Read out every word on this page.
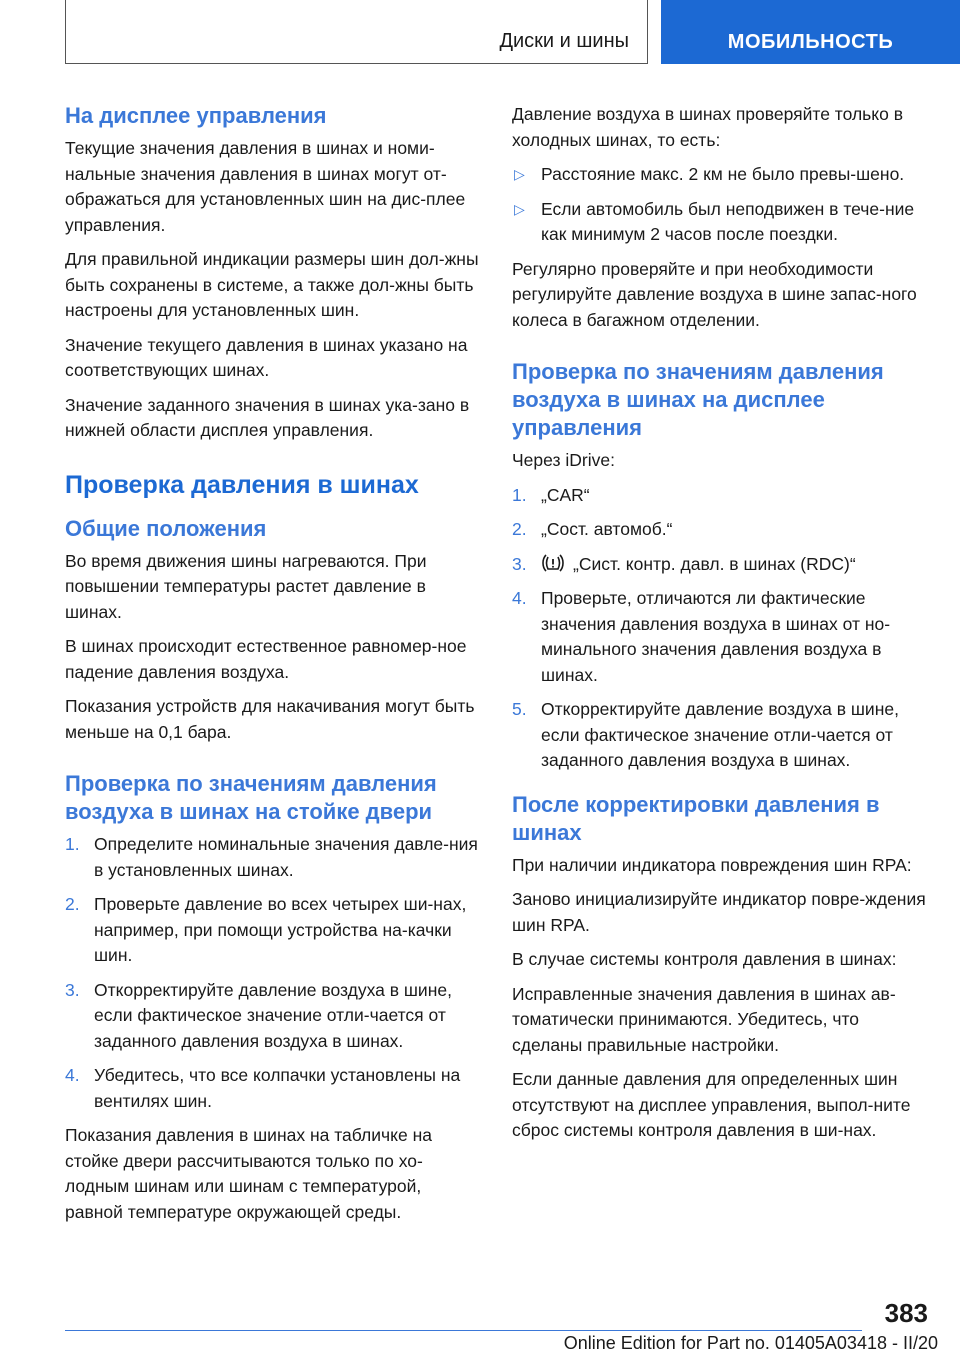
Диски и шины	МОБИЛЬНОСТЬ
На дисплее управления

Текущие значения давления в шинах и номи-нальные значения давления в шинах могут от-ображаться для установленных шин на дис-плее управления.

Для правильной индикации размеры шин дол-жны быть сохранены в системе, а также дол-жны быть настроены для установленных шин.

Значение текущего давления в шинах указано на соответствующих шинах.

Значение заданного значения в шинах ука-зано в нижней области дисплея управления.

Проверка давления в шинах
Общие положения

Во время движения шины нагреваются. При повышении температуры растет давление в шинах.

В шинах происходит естественное равномер-ное падение давления воздуха.

Показания устройств для накачивания могут быть меньше на 0,1 бара.

Проверка по значениям давления воздуха в шинах на стойке двери
1. Определите номинальные значения давле-ния в установленных шинах.
2. Проверьте давление во всех четырех ши-нах, например, при помощи устройства на-качки шин.
3. Откорректируйте давление воздуха в шине, если фактическое значение отли-чается от заданного давления воздуха в шинах.
4. Убедитесь, что все колпачки установлены на вентилях шин.

Показания давления в шинах на табличке на стойке двери рассчитываются только по хо-лодным шинам или шинам с температурой, равной температуре окружающей среды.

Давление воздуха в шинах проверяйте только в холодных шинах, то есть:

▷ Расстояние макс. 2 км не было превы-шено.
▷ Если автомобиль был неподвижен в тече-ние как минимум 2 часов после поездки.

Регулярно проверяйте и при необходимости регулируйте давление воздуха в шине запас-ного колеса в багажном отделении.

Проверка по значениям давления воздуха в шинах на дисплее управления

Через iDrive:

1. „CAR“
2. „Сост. автомоб.“
3.	„Сист. контр. давл. в шинах (RDC)“
4. Проверьте, отличаются ли фактические значения давления воздуха в шинах от но-минального значения давления воздуха в шинах.
5. Откорректируйте давление воздуха в шине, если фактическое значение отли-чается от заданного давления воздуха в шинах.
После корректировки давления в шинах

При наличии индикатора повреждения шин RPA:

Заново инициализируйте индикатор повре-ждения шин RPA.

В случае системы контроля давления в шинах:

Исправленные значения давления в шинах ав-томатически принимаются. Убедитесь, что сделаны правильные настройки.

Если данные давления для определенных шин отсутствуют на дисплее управления, выпол-ните сброс системы контроля давления в ши-нах.

383
Online Edition for Part no. 01405A03418 - II/20
